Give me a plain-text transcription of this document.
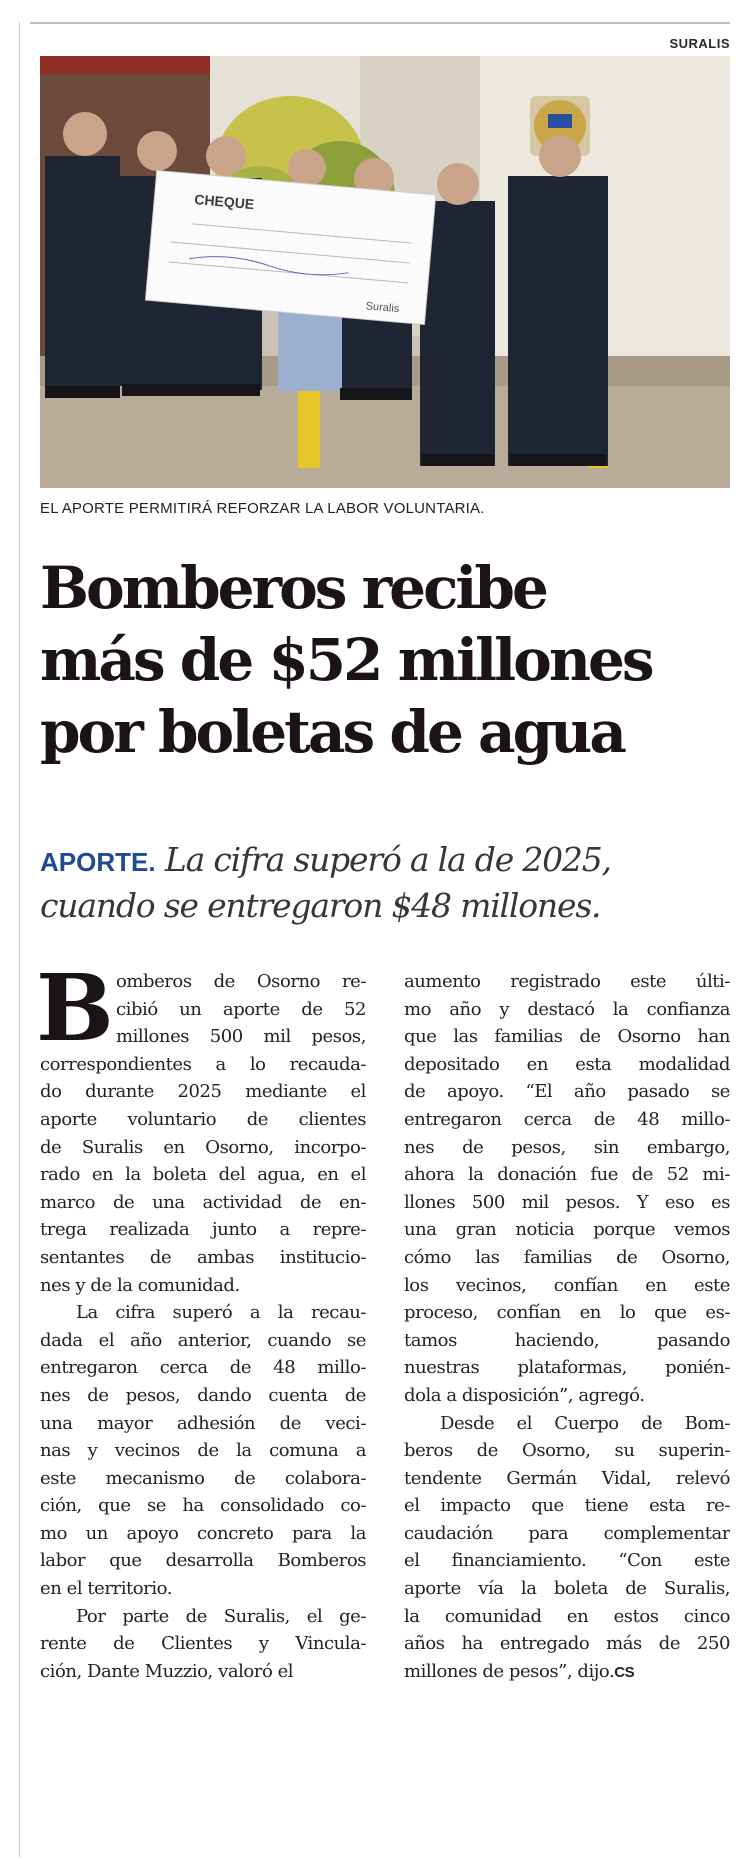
SURALIS
CHEQUE
Suralis
EL APORTE PERMITIRÁ REFORZAR LA LABOR VOLUNTARIA.
Bomberos recibe
más de $52 millones
por boletas de agua
APORTE. La cifra superó a la de 2025,
cuando se entregaron $48 millones.
B omberos de Osorno re-
cibió un aporte de 52
millones 500 mil pesos,
correspondientes a lo recauda-
do durante 2025 mediante el
aporte voluntario de clientes
de Suralis en Osorno, incorpo-
rado en la boleta del agua, en el
marco de una actividad de en-
trega realizada junto a repre-
sentantes de ambas institucio-
nes y de la comunidad.
La cifra superó a la recau-
dada el año anterior, cuando se
entregaron cerca de 48 millo-
nes de pesos, dando cuenta de
una mayor adhesión de veci-
nas y vecinos de la comuna a
este mecanismo de colabora-
ción, que se ha consolidado co-
mo un apoyo concreto para la
labor que desarrolla Bomberos
en el territorio.
Por parte de Suralis, el ge-
rente de Clientes y Vincula-
ción, Dante Muzzio, valoró el
aumento registrado este últi-
mo año y destacó la confianza
que las familias de Osorno han
depositado en esta modalidad
de apoyo. “El año pasado se
entregaron cerca de 48 millo-
nes de pesos, sin embargo,
ahora la donación fue de 52 mi-
llones 500 mil pesos. Y eso es
una gran noticia porque vemos
cómo las familias de Osorno,
los vecinos, confían en este
proceso, confían en lo que es-
tamos haciendo, pasando
nuestras plataformas, ponién-
dola a disposición”, agregó.
Desde el Cuerpo de Bom-
beros de Osorno, su superin-
tendente Germán Vidal, relevó
el impacto que tiene esta re-
caudación para complementar
el financiamiento. “Con este
aporte vía la boleta de Suralis,
la comunidad en estos cinco
años ha entregado más de 250
millones de pesos”, dijo.CS
